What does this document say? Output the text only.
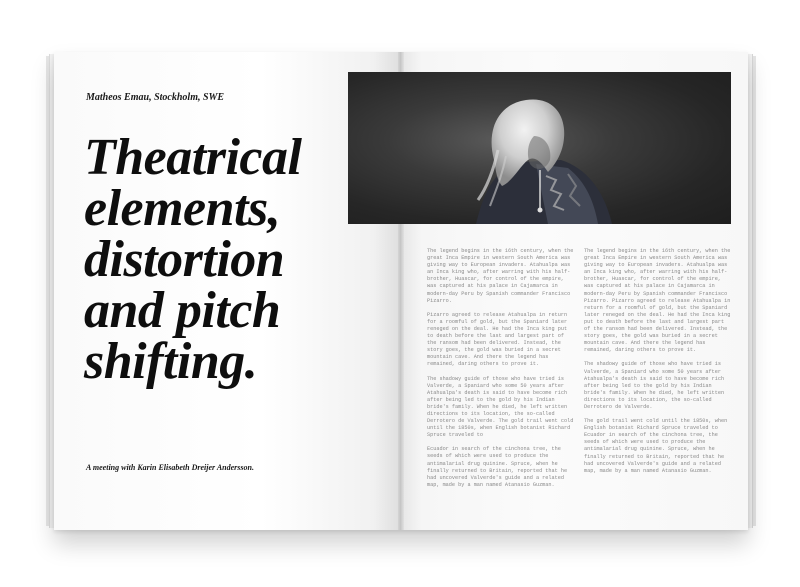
Matheos Emau, Stockholm, SWE
Theatrical
elements,
distortion
and pitch
shifting.
A meeting with Karin Elisabeth Dreijer Andersson.

The legend begins in the 16th century, when the great Inca Empire in western South America was giving way to European invaders. Atahualpa was an Inca king who, after warring with his half-brother, Huascar, for control of the empire, was captured at his palace in Cajamarca in modern-day Peru by Spanish commander Francisco Pizarro.

Pizarro agreed to release Atahualpa in return for a roomful of gold, but the Spaniard later reneged on the deal. He had the Inca king put to death before the last and largest part of the ransom had been delivered. Instead, the story goes, the gold was buried in a secret mountain cave. And there the legend has remained, daring others to prove it.

The shadowy guide of those who have tried is Valverde, a Spaniard who some 50 years after Atahualpa's death is said to have become rich after being led to the gold by his Indian bride's family. When he died, he left written directions to its location, the so-called Derrotero de Valverde. The gold trail went cold until the 1850s, when English botanist Richard Spruce traveled to

Ecuador in search of the cinchona tree, the seeds of which were used to produce the antimalarial drug quinine. Spruce, when he finally returned to Britain, reported that he had uncovered Valverde's guide and a related map, made by a man named Atanasio Guzman.

The legend begins in the 16th century, when the great Inca Empire in western South America was giving way to European invaders. Atahualpa was an Inca king who, after warring with his half-brother, Huascar, for control of the empire, was captured at his palace in Cajamarca in modern-day Peru by Spanish commander Francisco Pizarro. Pizarro agreed to release Atahualpa in return for a roomful of gold, but the Spaniard later reneged on the deal. He had the Inca king put to death before the last and largest part of the ransom had been delivered. Instead, the story goes, the gold was buried in a secret mountain cave. And there the legend has remained, daring others to prove it.

The shadowy guide of those who have tried is Valverde, a Spaniard who some 50 years after Atahualpa's death is said to have become rich after being led to the gold by his Indian bride's family. When he died, he left written directions to its location, the so-called Derrotero de Valverde.

The gold trail went cold until the 1850s, when English botanist Richard Spruce traveled to Ecuador in search of the cinchona tree, the seeds of which were used to produce the antimalarial drug quinine. Spruce, when he finally returned to Britain, reported that he had uncovered Valverde's guide and a related map, made by a man named Atanasio Guzman.
